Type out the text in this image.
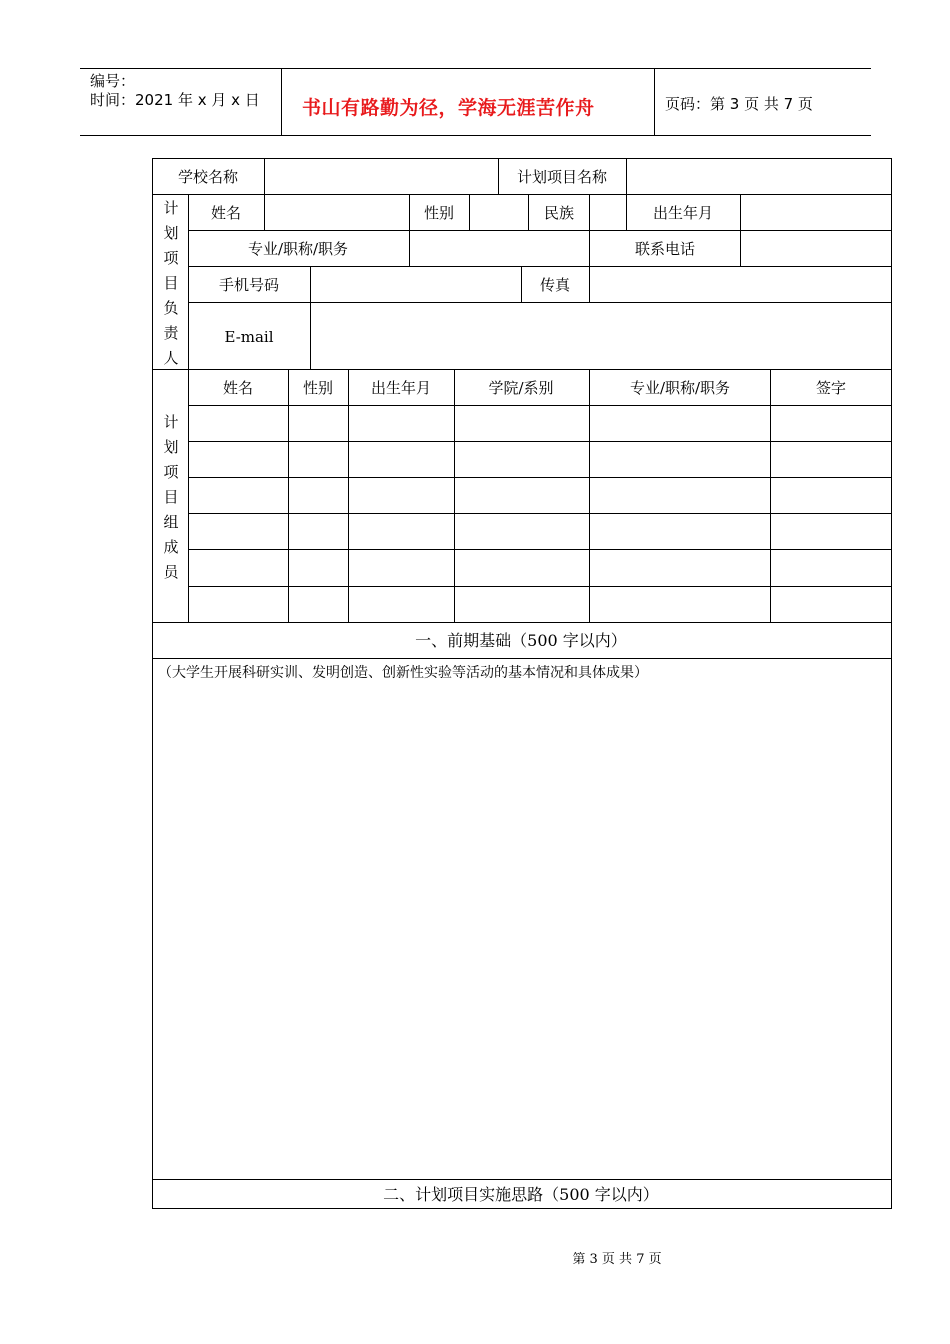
编号：
时间：2021 年 x 月 x 日 书山有路勤为径，学海无涯苦作舟	页码：第 3 页 共 7 页
学校名称	计划项目名称
计划项目负责人
姓名	性别	民族	出生年月
专业/职称/职务	联系电话
手机号码	传真
E-mail
计划项目组成员
姓名	性别	出生年月	学院/系别	专业/职称/职务	签字
一、前期基础（500 字以内）
（大学生开展科研实训、发明创造、创新性实验等活动的基本情况和具体成果）
二、计划项目实施思路（500 字以内）
第 3 页 共 7 页
